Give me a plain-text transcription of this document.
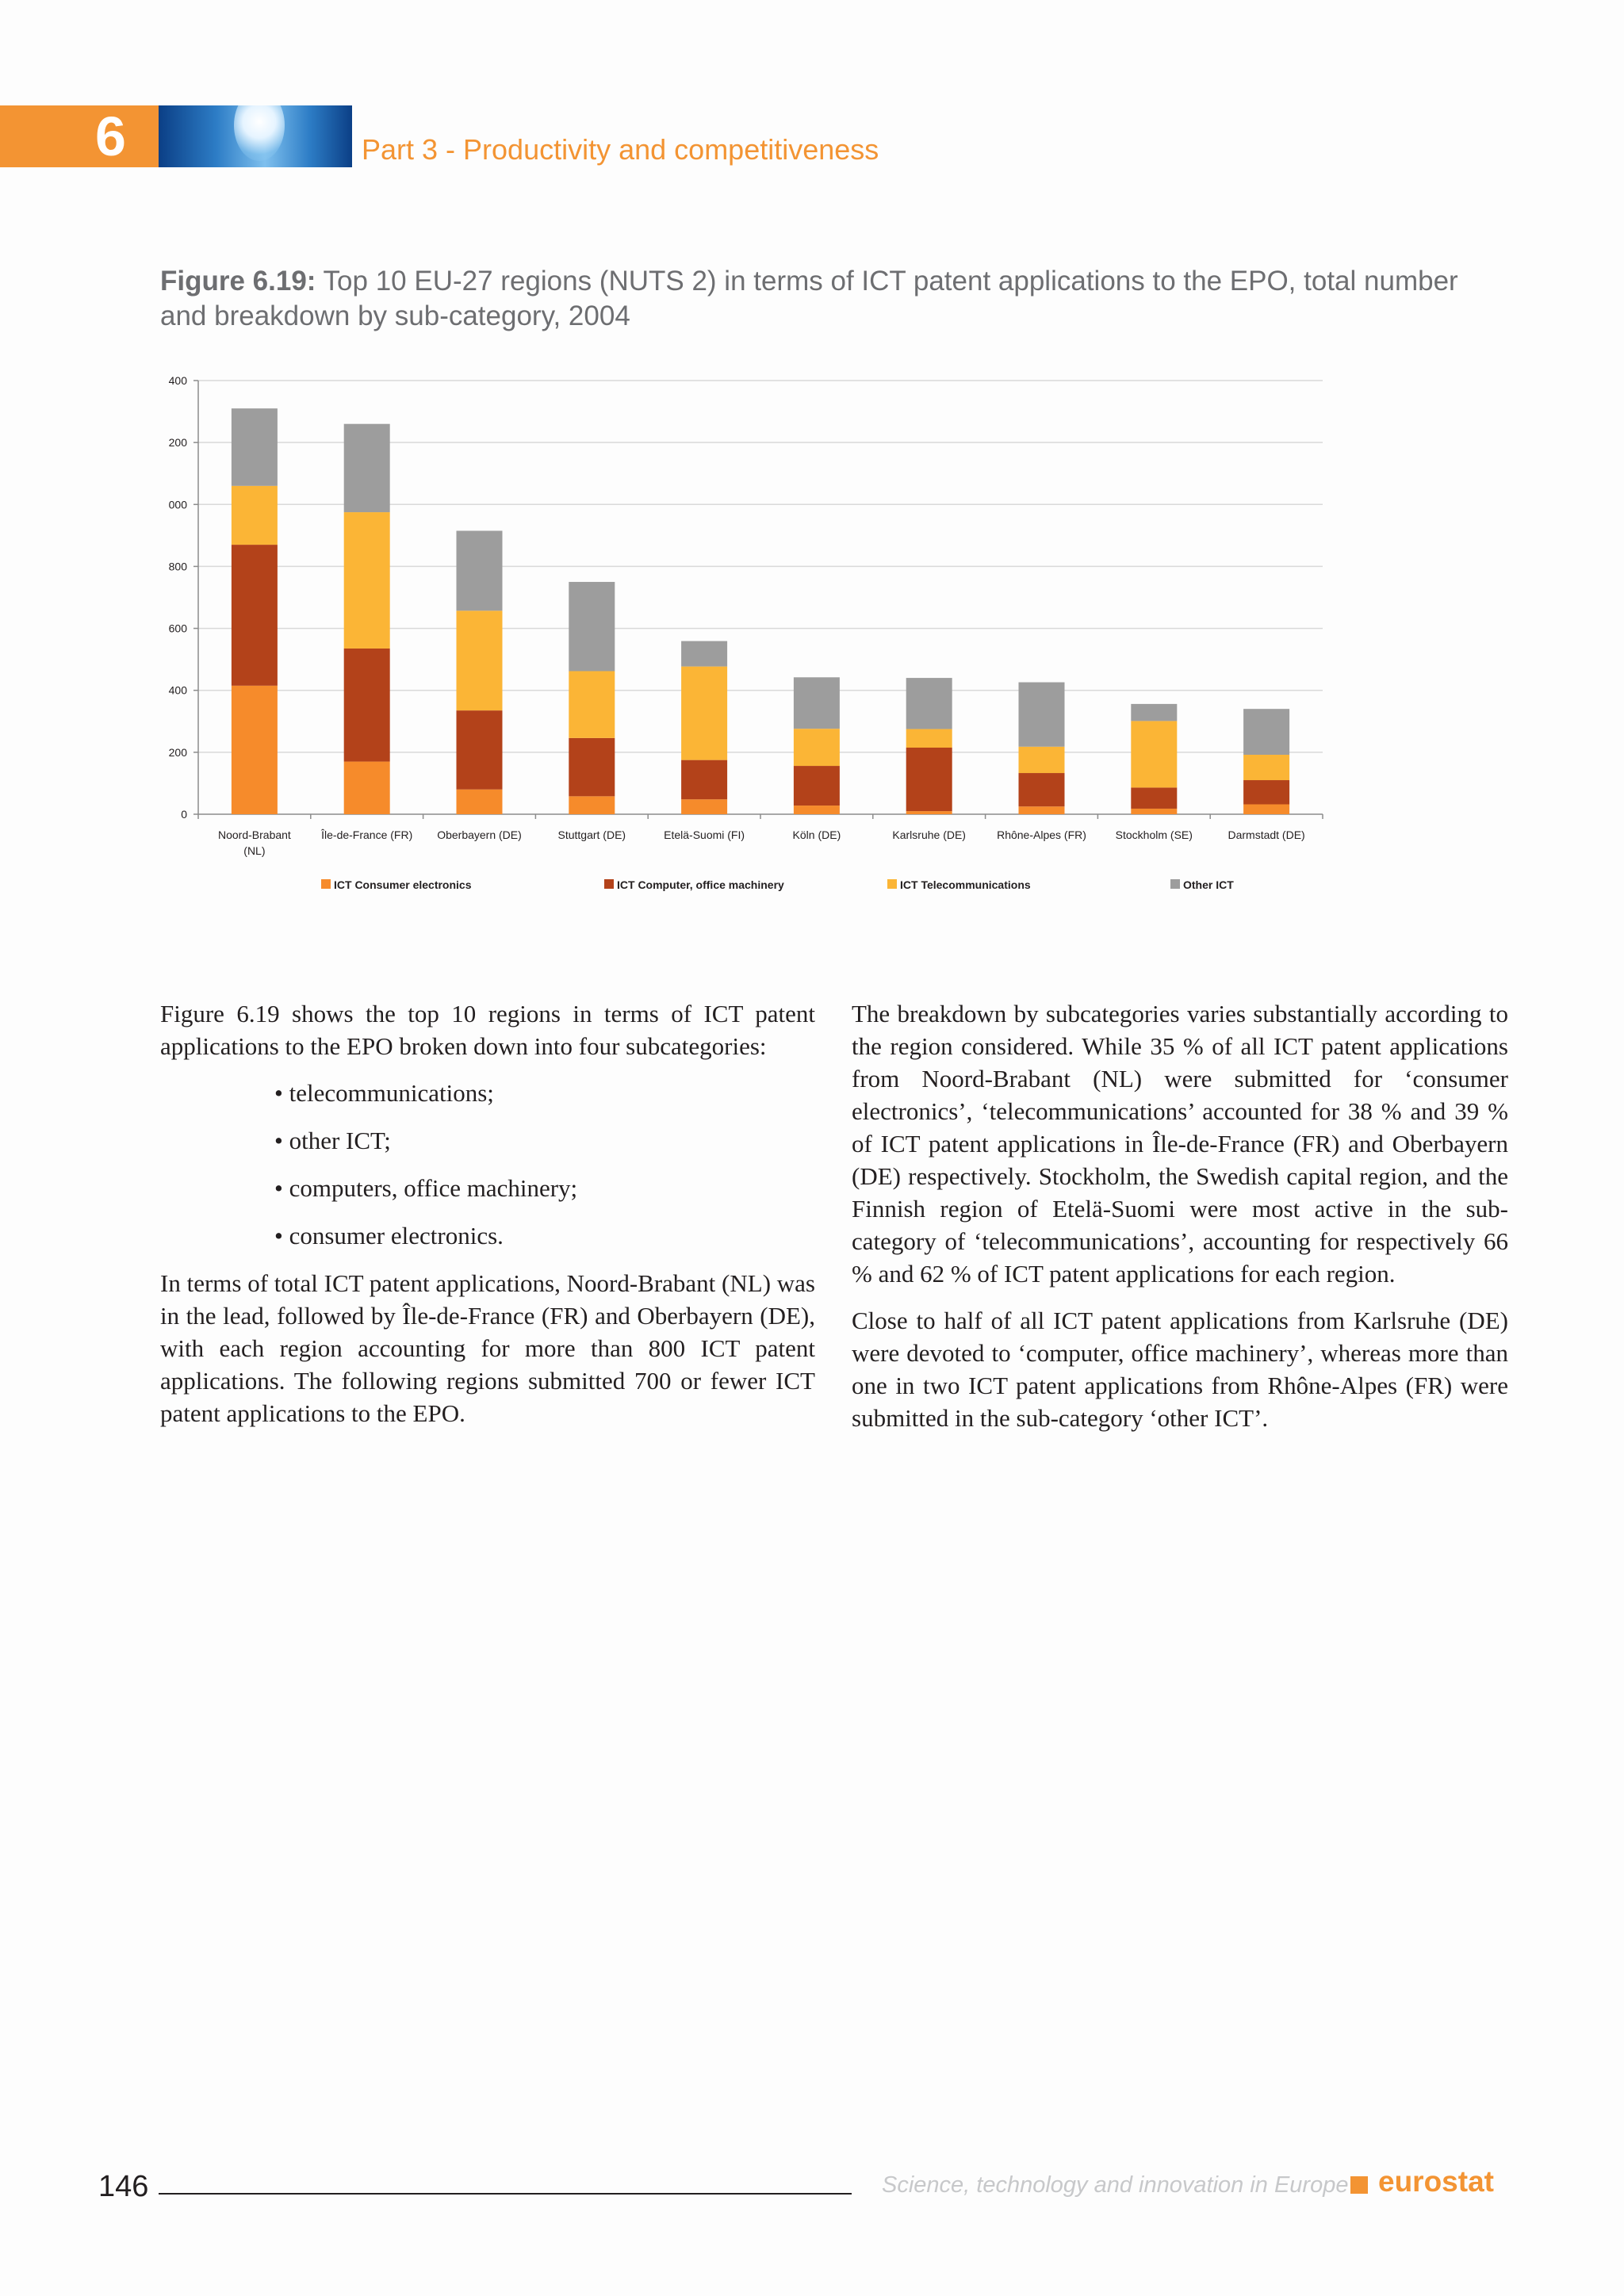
6	Part 3 - Productivity and competitiveness
Figure 6.19: Top 10 EU-27 regions (NUTS 2) in terms of ICT patent applications to the EPO, total number and breakdown by sub-category, 2004
0
200
400
600
800
000
200
400
Noord-Brabant
(NL)
Île-de-France (FR) Oberbayern (DE)	Stuttgart (DE)	Etelä-Suomi (FI)	Köln (DE)	Karlsruhe (DE)	Rhône-Alpes (FR)	Stockholm (SE)	Darmstadt (DE)
ICT Consumer electronics	ICT Computer, office machinery	ICT Telecommunications	Other ICT

Figure 6.19 shows the top 10 regions in terms of ICT patent applications to the EPO broken down into four subcategories:

• telecommunications;
• other ICT;
• computers, office machinery;
• consumer electronics.

In terms of total ICT patent applications, Noord-Brabant (NL) was in the lead, followed by Île-de-France (FR) and Oberbayern (DE), with each region accounting for more than 800 ICT patent applications. The following regions submitted 700 or fewer ICT patent applications to the EPO.

The breakdown by subcategories varies substantially according to the region considered. While 35 % of all ICT patent applications from Noord-Brabant (NL) were submitted for ‘consumer electronics’, ‘telecommunications’ accounted for 38 % and 39 % of ICT patent applications in Île-de-France (FR) and Oberbayern (DE) respectively. Stockholm, the Swedish capital region, and the Finnish region of Etelä-Suomi were most active in the sub-category of ‘telecommunications’, accounting for respectively 66 % and 62 % of ICT patent applications for each region.

Close to half of all ICT patent applications from Karlsruhe (DE) were devoted to ‘computer, office machinery’, whereas more than one in two ICT patent applications from Rhône-Alpes (FR) were submitted in the sub-category ‘other ICT’.

146	Science, technology and innovation in Europe eurostat
